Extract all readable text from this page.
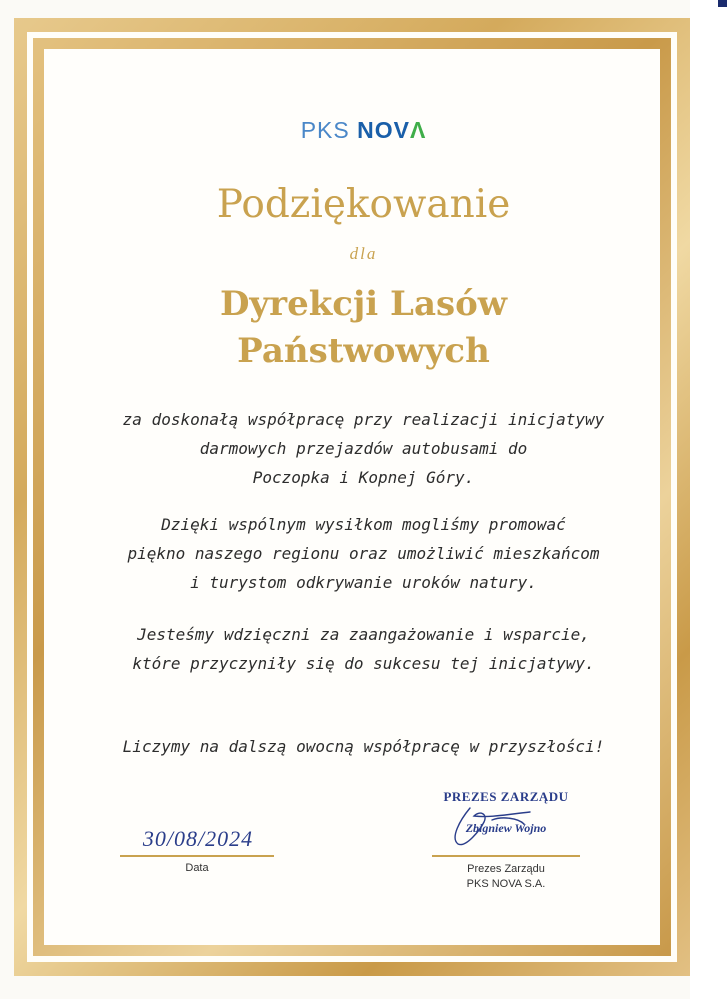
PKS NOVΛ
Podziękowanie
dla
Dyrekcji Lasów
Państwowych
za doskonałą współpracę przy realizacji inicjatywy
darmowych przejazdów autobusami do
Poczopka i Kopnej Góry.
Dzięki wspólnym wysiłkom mogliśmy promować
piękno naszego regionu oraz umożliwić mieszkańcom
i turystom odkrywanie uroków natury.
Jesteśmy wdzięczni za zaangażowanie i wsparcie,
które przyczyniły się do sukcesu tej inicjatywy.
Liczymy na dalszą owocną współpracę w przyszłości!
30/08/2024
Data
PREZES ZARZĄDU
Zbigniew Wojno
Prezes Zarządu
PKS NOVA S.A.
